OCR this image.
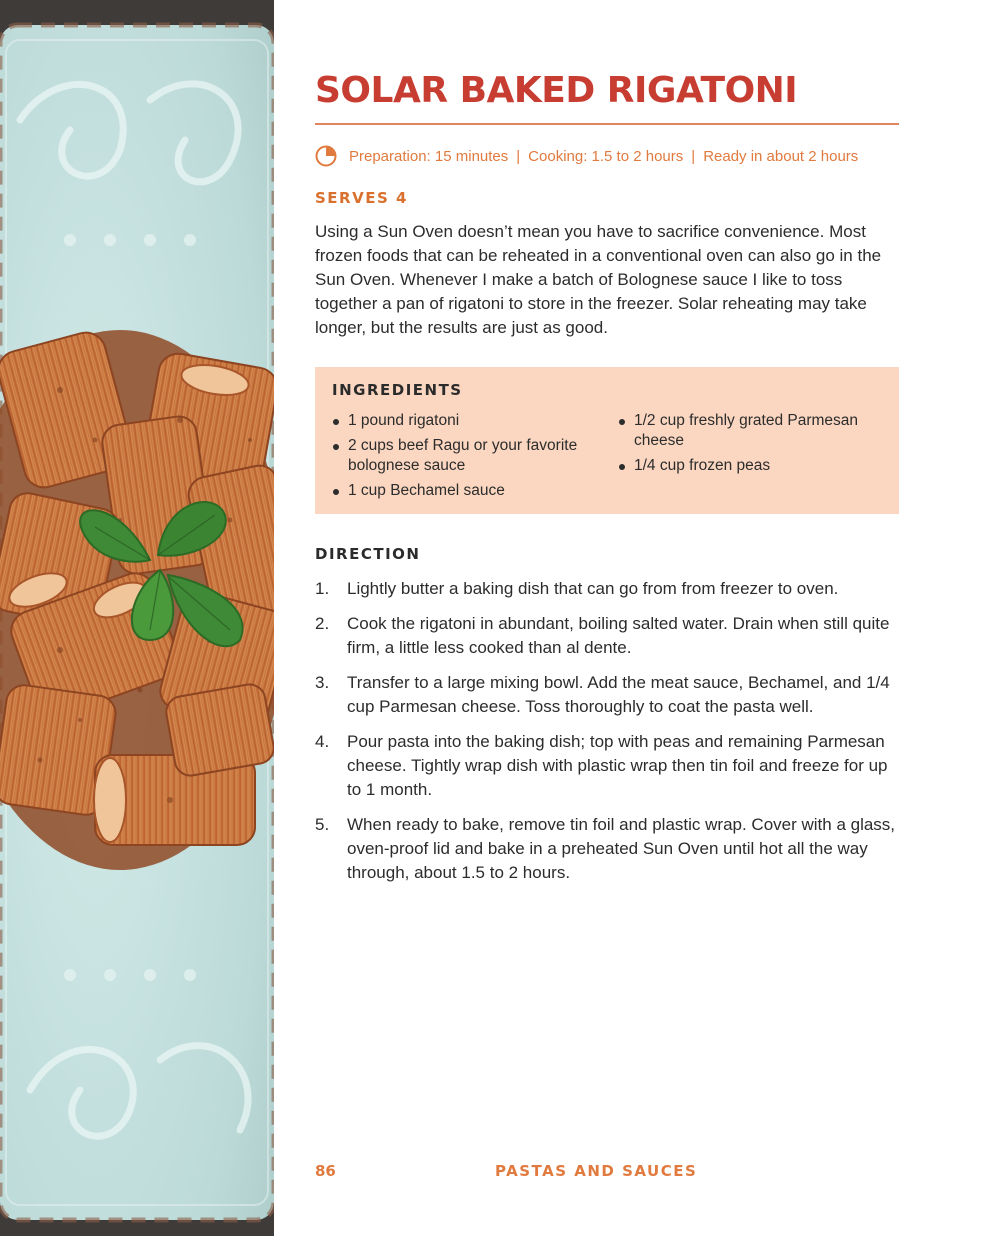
SOLAR BAKED RIGATONI
Preparation: 15 minutes | Cooking: 1.5 to 2 hours | Ready in about 2 hours
SERVES 4

Using a Sun Oven doesn’t mean you have to sacrifice convenience. Most frozen foods that can be reheated in a conventional oven can also go in the Sun Oven. Whenever I make a batch of Bolognese sauce I like to toss together a pan of rigatoni to store in the freezer. Solar reheating may take longer, but the results are just as good.

INGREDIENTS
1 pound rigatoni
2 cups beef Ragu or your favorite bolognese sauce
1 cup Bechamel sauce
1/2 cup freshly grated Parmesan cheese
1/4 cup frozen peas
DIRECTION
1. Lightly butter a baking dish that can go from from freezer to oven.
2. Cook the rigatoni in abundant, boiling salted water. Drain when still quite firm, a little less cooked than al dente.
3. Transfer to a large mixing bowl. Add the meat sauce, Bechamel, and 1/4 cup Parmesan cheese. Toss thoroughly to coat the pasta well.
4. Pour pasta into the baking dish; top with peas and remaining Parmesan cheese. Tightly wrap dish with plastic wrap then tin foil and freeze for up to 1 month.
5. When ready to bake, remove tin foil and plastic wrap. Cover with a glass, oven-proof lid and bake in a preheated Sun Oven until hot all the way through, about 1.5 to 2 hours.
86	PASTAS AND SAUCES
